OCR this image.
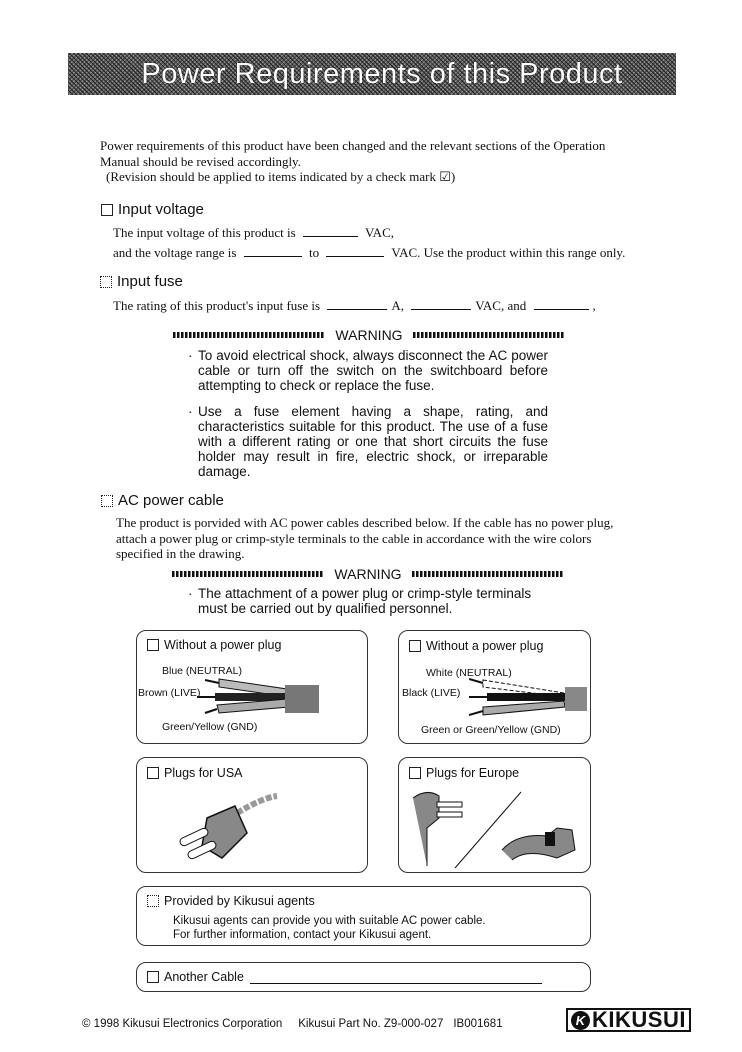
Power Requirements of this Product
Power requirements of this product have been changed and the relevant sections of the Operation
Manual should be revised accordingly.
(Revision should be applied to items indicated by a check mark ☑)
Input voltage
The input voltage of this product is	VAC,
and the voltage range is	to	VAC. Use the product within this range only.
Input fuse
The rating of this product's input fuse is	A,	VAC, and	,
WARNING
· To avoid electrical shock, always disconnect the AC power cable or turn off the switch on the switchboard before attempting to check or replace the fuse.
· Use a fuse element having a shape, rating, and characteristics suitable for this product. The use of a fuse with a different rating or one that short circuits the fuse holder may result in fire, electric shock, or irreparable damage.
AC power cable
The product is porvided with AC power cables described below. If the cable has no power plug,
attach a power plug or crimp-style terminals to the cable in accordance with the wire colors
specified in the drawing.
WARNING
· The attachment of a power plug or crimp-style terminals must be carried out by qualified personnel.
Without a power plug
Blue (NEUTRAL)
Brown (LIVE)
Green/Yellow (GND)
Without a power plug
White (NEUTRAL)
Black (LIVE)
Green or Green/Yellow (GND)
Plugs for USA	Plugs for Europe
Provided by Kikusui agents
Kikusui agents can provide you with suitable AC power cable.
For further information, contact your Kikusui agent.
Another Cable
© 1998 Kikusui Electronics Corporation Kikusui Part No. Z9-000-027 IB001681	K KIKUSUI
